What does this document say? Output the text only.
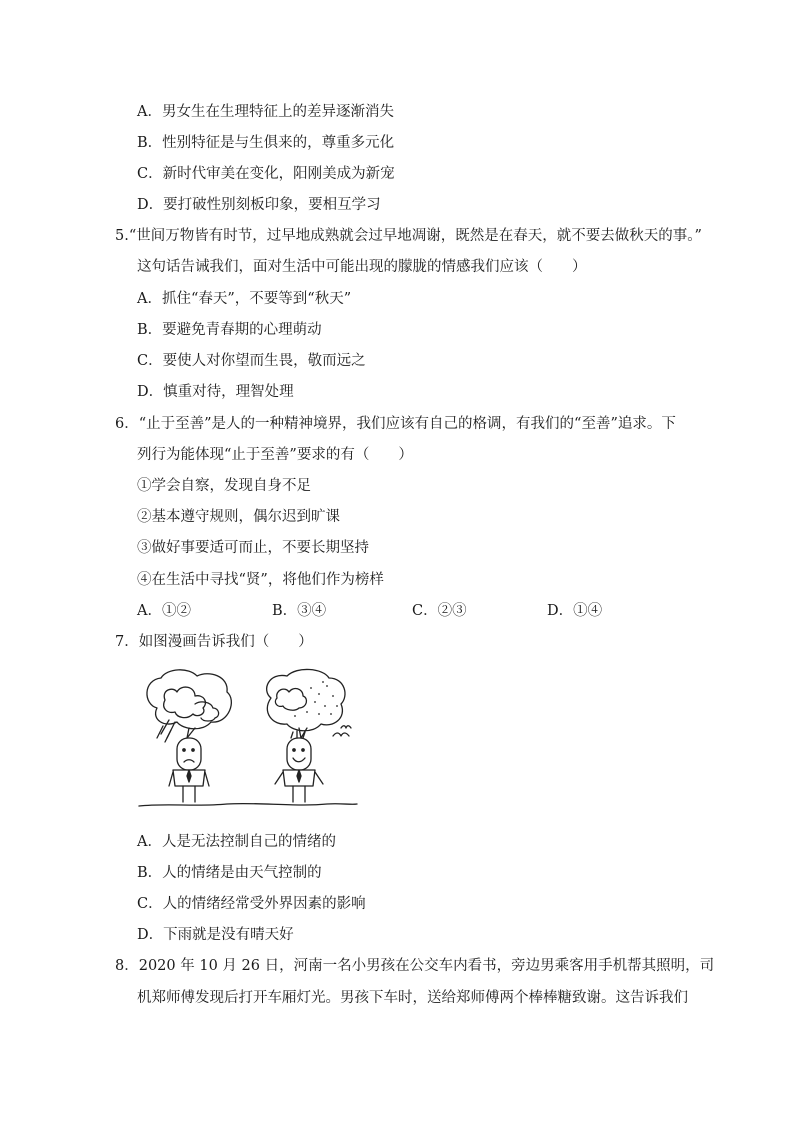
A．男女生在生理特征上的差异逐渐消失
B．性别特征是与生俱来的，尊重多元化
C．新时代审美在变化，阳刚美成为新宠
D．要打破性别刻板印象，要相互学习
5.“世间万物皆有时节，过早地成熟就会过早地凋谢，既然是在春天，就不要去做秋天的事。”
这句话告诫我们，面对生活中可能出现的朦胧的情感我们应该（　　）
A．抓住“春天”，不要等到“秋天”
B．要避免青春期的心理萌动
C．要使人对你望而生畏，敬而远之
D．慎重对待，理智处理
6．“止于至善”是人的一种精神境界，我们应该有自己的格调，有我们的“至善”追求。下
列行为能体现“止于至善”要求的有（　　）
①学会自察，发现自身不足
②基本遵守规则，偶尔迟到旷课
③做好事要适可而止，不要长期坚持
④在生活中寻找“贤”，将他们作为榜样
A．①②	B．③④	C．②③	D．①④
7．如图漫画告诉我们（　　）
A．人是无法控制自己的情绪的
B．人的情绪是由天气控制的
C．人的情绪经常受外界因素的影响
D．下雨就是没有晴天好
8．2020 年 10 月 26 日，河南一名小男孩在公交车内看书，旁边男乘客用手机帮其照明，司
机郑师傅发现后打开车厢灯光。男孩下车时，送给郑师傅两个棒棒糖致谢。这告诉我们
